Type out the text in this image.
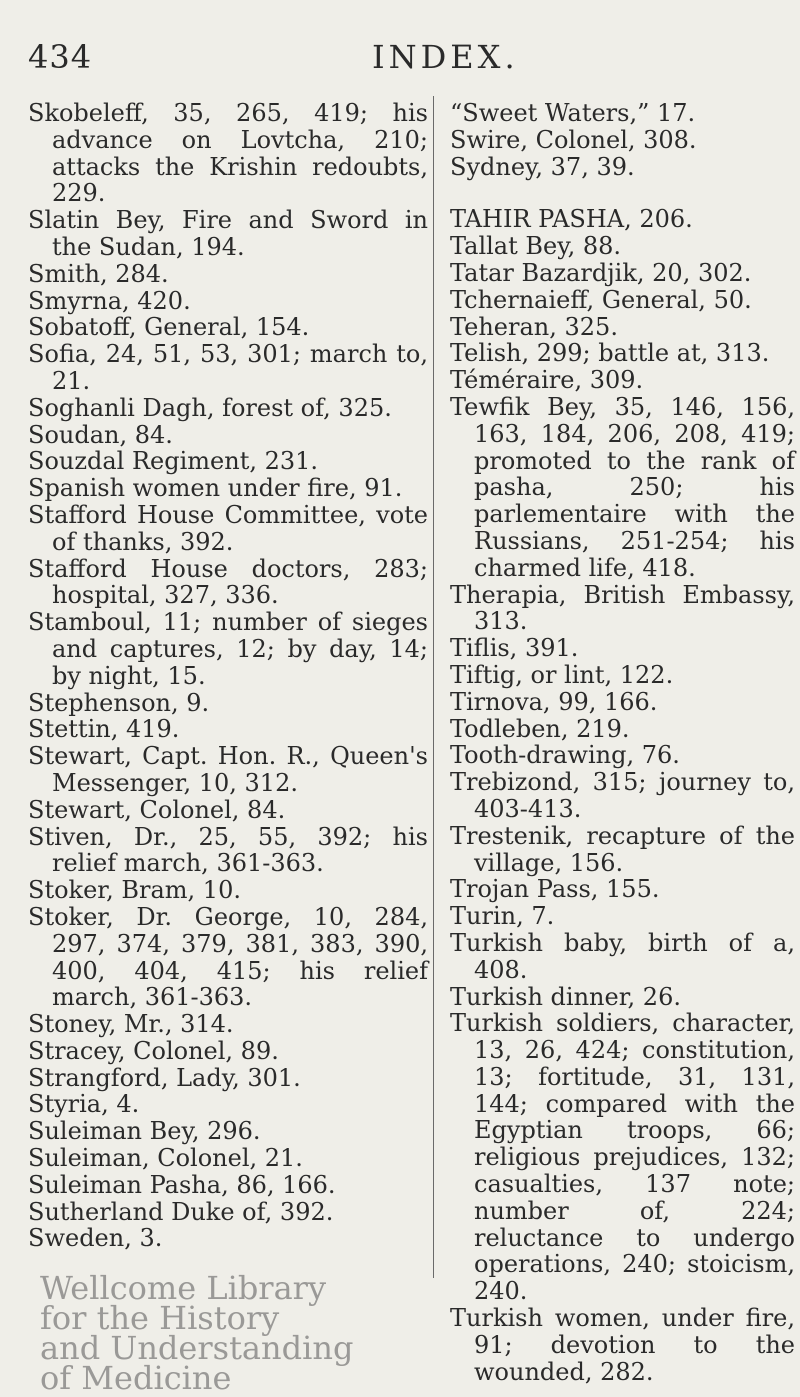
434	INDEX.
Skobeleff, 35, 265, 419; his advance on Lovtcha, 210; attacks the Krishin redoubts, 229.
Slatin Bey, Fire and Sword in the Sudan, 194.
Smith, 284.
Smyrna, 420.
Sobatoff, General, 154.
Sofia, 24, 51, 53, 301; march to, 21.
Soghanli Dagh, forest of, 325.
Soudan, 84.
Souzdal Regiment, 231.
Spanish women under fire, 91.
Stafford House Committee, vote of thanks, 392.
Stafford House doctors, 283; hospital, 327, 336.
Stamboul, 11; number of sieges and captures, 12; by day, 14; by night, 15.
Stephenson, 9.
Stettin, 419.
Stewart, Capt. Hon. R., Queen's Messenger, 10, 312.
Stewart, Colonel, 84.
Stiven, Dr., 25, 55, 392; his relief march, 361-363.
Stoker, Bram, 10.
Stoker, Dr. George, 10, 284, 297, 374, 379, 381, 383, 390, 400, 404, 415; his relief march, 361-363.
Stoney, Mr., 314.
Stracey, Colonel, 89.
Strangford, Lady, 301.
Styria, 4.
Suleiman Bey, 296.
Suleiman, Colonel, 21.
Suleiman Pasha, 86, 166.
Sutherland Duke of, 392.
Sweden, 3.
“Sweet Waters,” 17.
Swire, Colonel, 308.
Sydney, 37, 39.
TAHIR PASHA, 206.
Tallat Bey, 88.
Tatar Bazardjik, 20, 302.
Tchernaieff, General, 50.
Teheran, 325.
Telish, 299; battle at, 313.
Téméraire, 309.
Tewfik Bey, 35, 146, 156, 163, 184, 206, 208, 419; promoted to the rank of pasha, 250; his parlementaire with the Russians, 251-254; his charmed life, 418.
Therapia, British Embassy, 313.
Tiflis, 391.
Tiftig, or lint, 122.
Tirnova, 99, 166.
Todleben, 219.
Tooth-drawing, 76.
Trebizond, 315; journey to, 403-413.
Trestenik, recapture of the village, 156.
Trojan Pass, 155.
Turin, 7.
Turkish baby, birth of a, 408.
Turkish dinner, 26.
Turkish soldiers, character, 13, 26, 424; constitution, 13; fortitude, 31, 131, 144; compared with the Egyptian troops, 66; religious prejudices, 132; casualties, 137 note; number of, 224; reluctance to undergo operations, 240; stoicism, 240.
Turkish women, under fire, 91; devotion to the wounded, 282.
Wellcome Library
for the History
and Understanding
of Medicine
